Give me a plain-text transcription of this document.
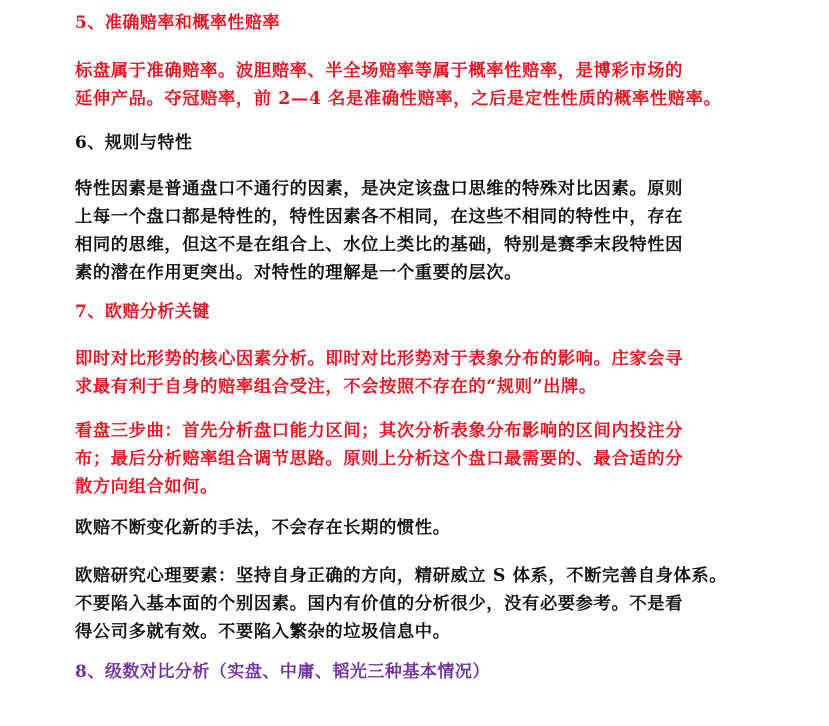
5、准确赔率和概率性赔率
标盘属于准确赔率。波胆赔率、半全场赔率等属于概率性赔率，是博彩市场的
延伸产品。夺冠赔率，前 2—4 名是准确性赔率，之后是定性性质的概率性赔率。
6、规则与特性
特性因素是普通盘口不通行的因素，是决定该盘口思维的特殊对比因素。原则
上每一个盘口都是特性的，特性因素各不相同，在这些不相同的特性中，存在
相同的思维，但这不是在组合上、水位上类比的基础，特别是赛季末段特性因
素的潜在作用更突出。对特性的理解是一个重要的层次。
7、欧赔分析关键
即时对比形势的核心因素分析。即时对比形势对于表象分布的影响。庄家会寻
求最有利于自身的赔率组合受注，不会按照不存在的“规则”出牌。
看盘三步曲：首先分析盘口能力区间；其次分析表象分布影响的区间内投注分
布；最后分析赔率组合调节思路。原则上分析这个盘口最需要的、最合适的分
散方向组合如何。
欧赔不断变化新的手法，不会存在长期的惯性。
欧赔研究心理要素：坚持自身正确的方向，精研威立 S 体系，不断完善自身体系。
不要陷入基本面的个别因素。国内有价值的分析很少，没有必要参考。不是看
得公司多就有效。不要陷入繁杂的垃圾信息中。
8、级数对比分析（实盘、中庸、韬光三种基本情况）
